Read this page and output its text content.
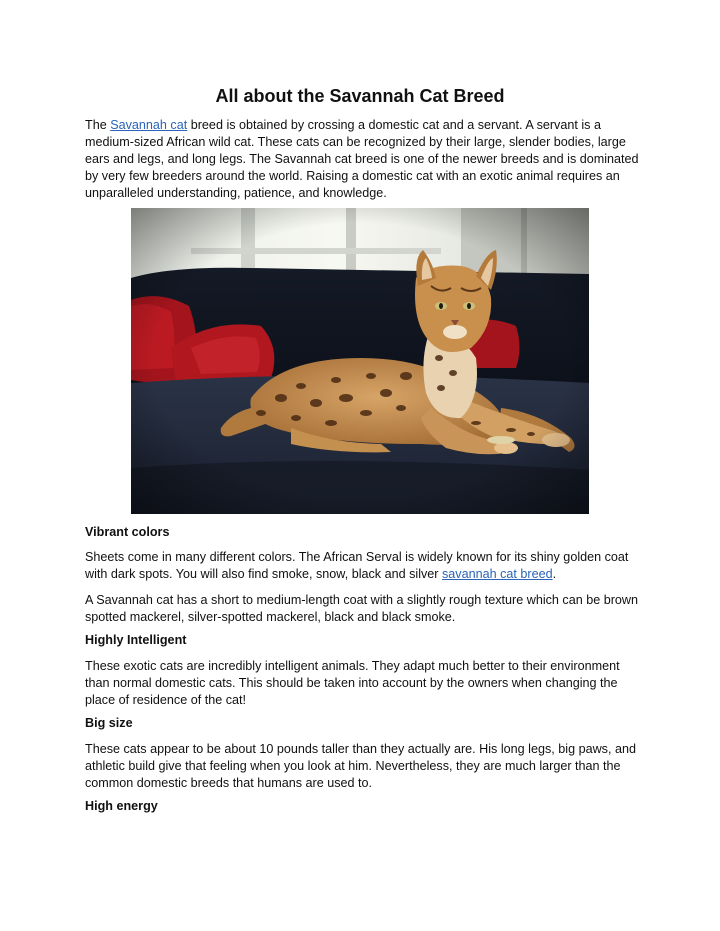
All about the Savannah Cat Breed

The Savannah cat breed is obtained by crossing a domestic cat and a servant. A servant is a medium-sized African wild cat. These cats can be recognized by their large, slender bodies, large ears and legs, and long legs. The Savannah cat breed is one of the newer breeds and is dominated by very few breeders around the world. Raising a domestic cat with an exotic animal requires an unparalleled understanding, patience, and knowledge.

Vibrant colors

Sheets come in many different colors. The African Serval is widely known for its shiny golden coat with dark spots. You will also find smoke, snow, black and silver savannah cat breed.

A Savannah cat has a short to medium-length coat with a slightly rough texture which can be brown spotted mackerel, silver-spotted mackerel, black and black smoke.

Highly Intelligent

These exotic cats are incredibly intelligent animals. They adapt much better to their environment than normal domestic cats. This should be taken into account by the owners when changing the place of residence of the cat!

Big size

These cats appear to be about 10 pounds taller than they actually are. His long legs, big paws, and athletic build give that feeling when you look at him. Nevertheless, they are much larger than the common domestic breeds that humans are used to.

High energy
